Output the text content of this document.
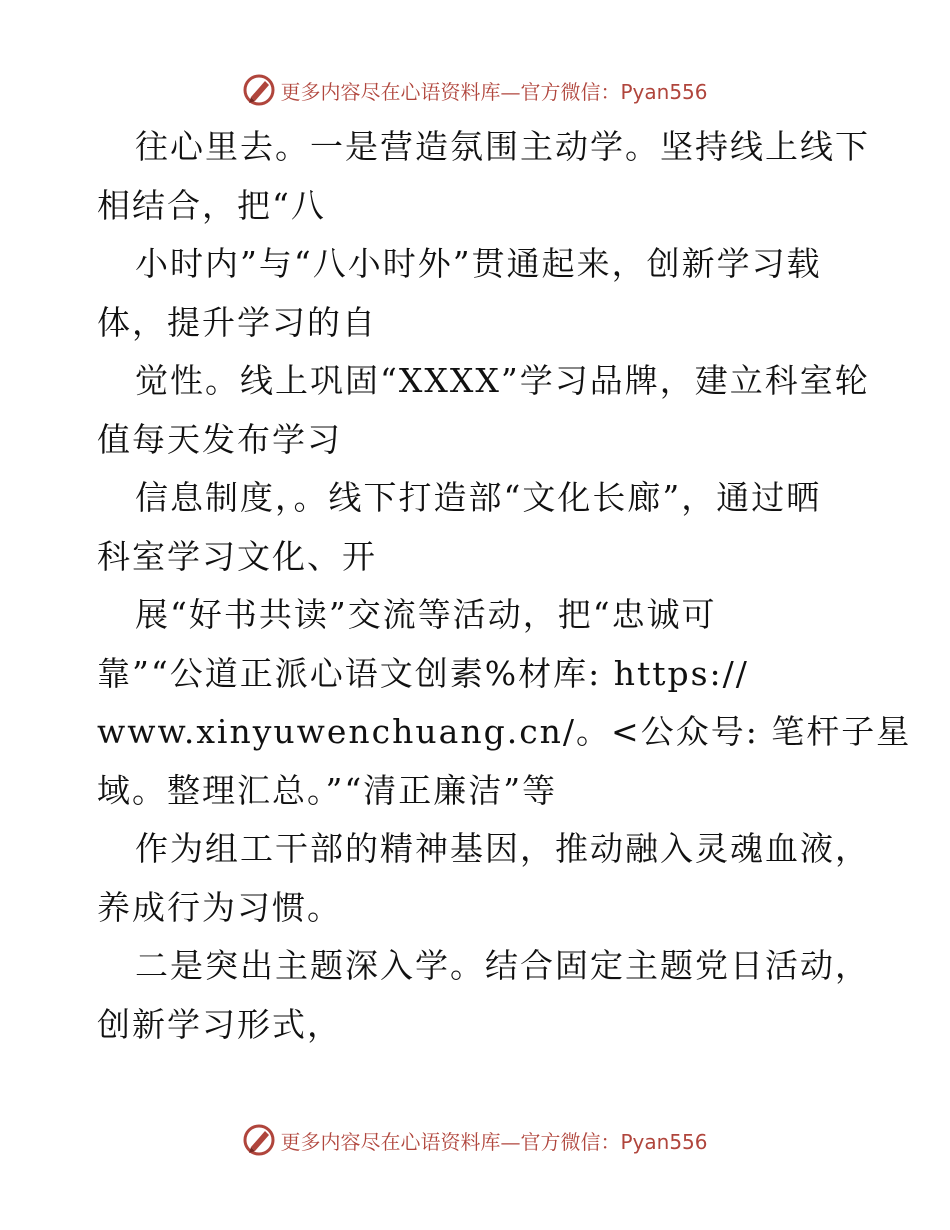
更多内容尽在心语资料库—官方微信：Pyan556
往心里去。一是营造氛围主动学。坚持线上线下
相结合，把“八
小时内”与“八小时外”贯通起来，创新学习载
体，提升学习的自
觉性。线上巩固“XXXX”学习品牌，建立科室轮
值每天发布学习
信息制度，。线下打造部“文化长廊”，通过晒
科室学习文化、开
展“好书共读”交流等活动，把“忠诚可
靠”“公道正派心语文创素%材库: https://
www.xinyuwenchuang.cn/。<公众号: 笔杆子星
域。整理汇总。”“清正廉洁”等
作为组工干部的精神基因，推动融入灵魂血液，
养成行为习惯。
二是突出主题深入学。结合固定主题党日活动，
创新学习形式，
更多内容尽在心语资料库—官方微信：Pyan556
